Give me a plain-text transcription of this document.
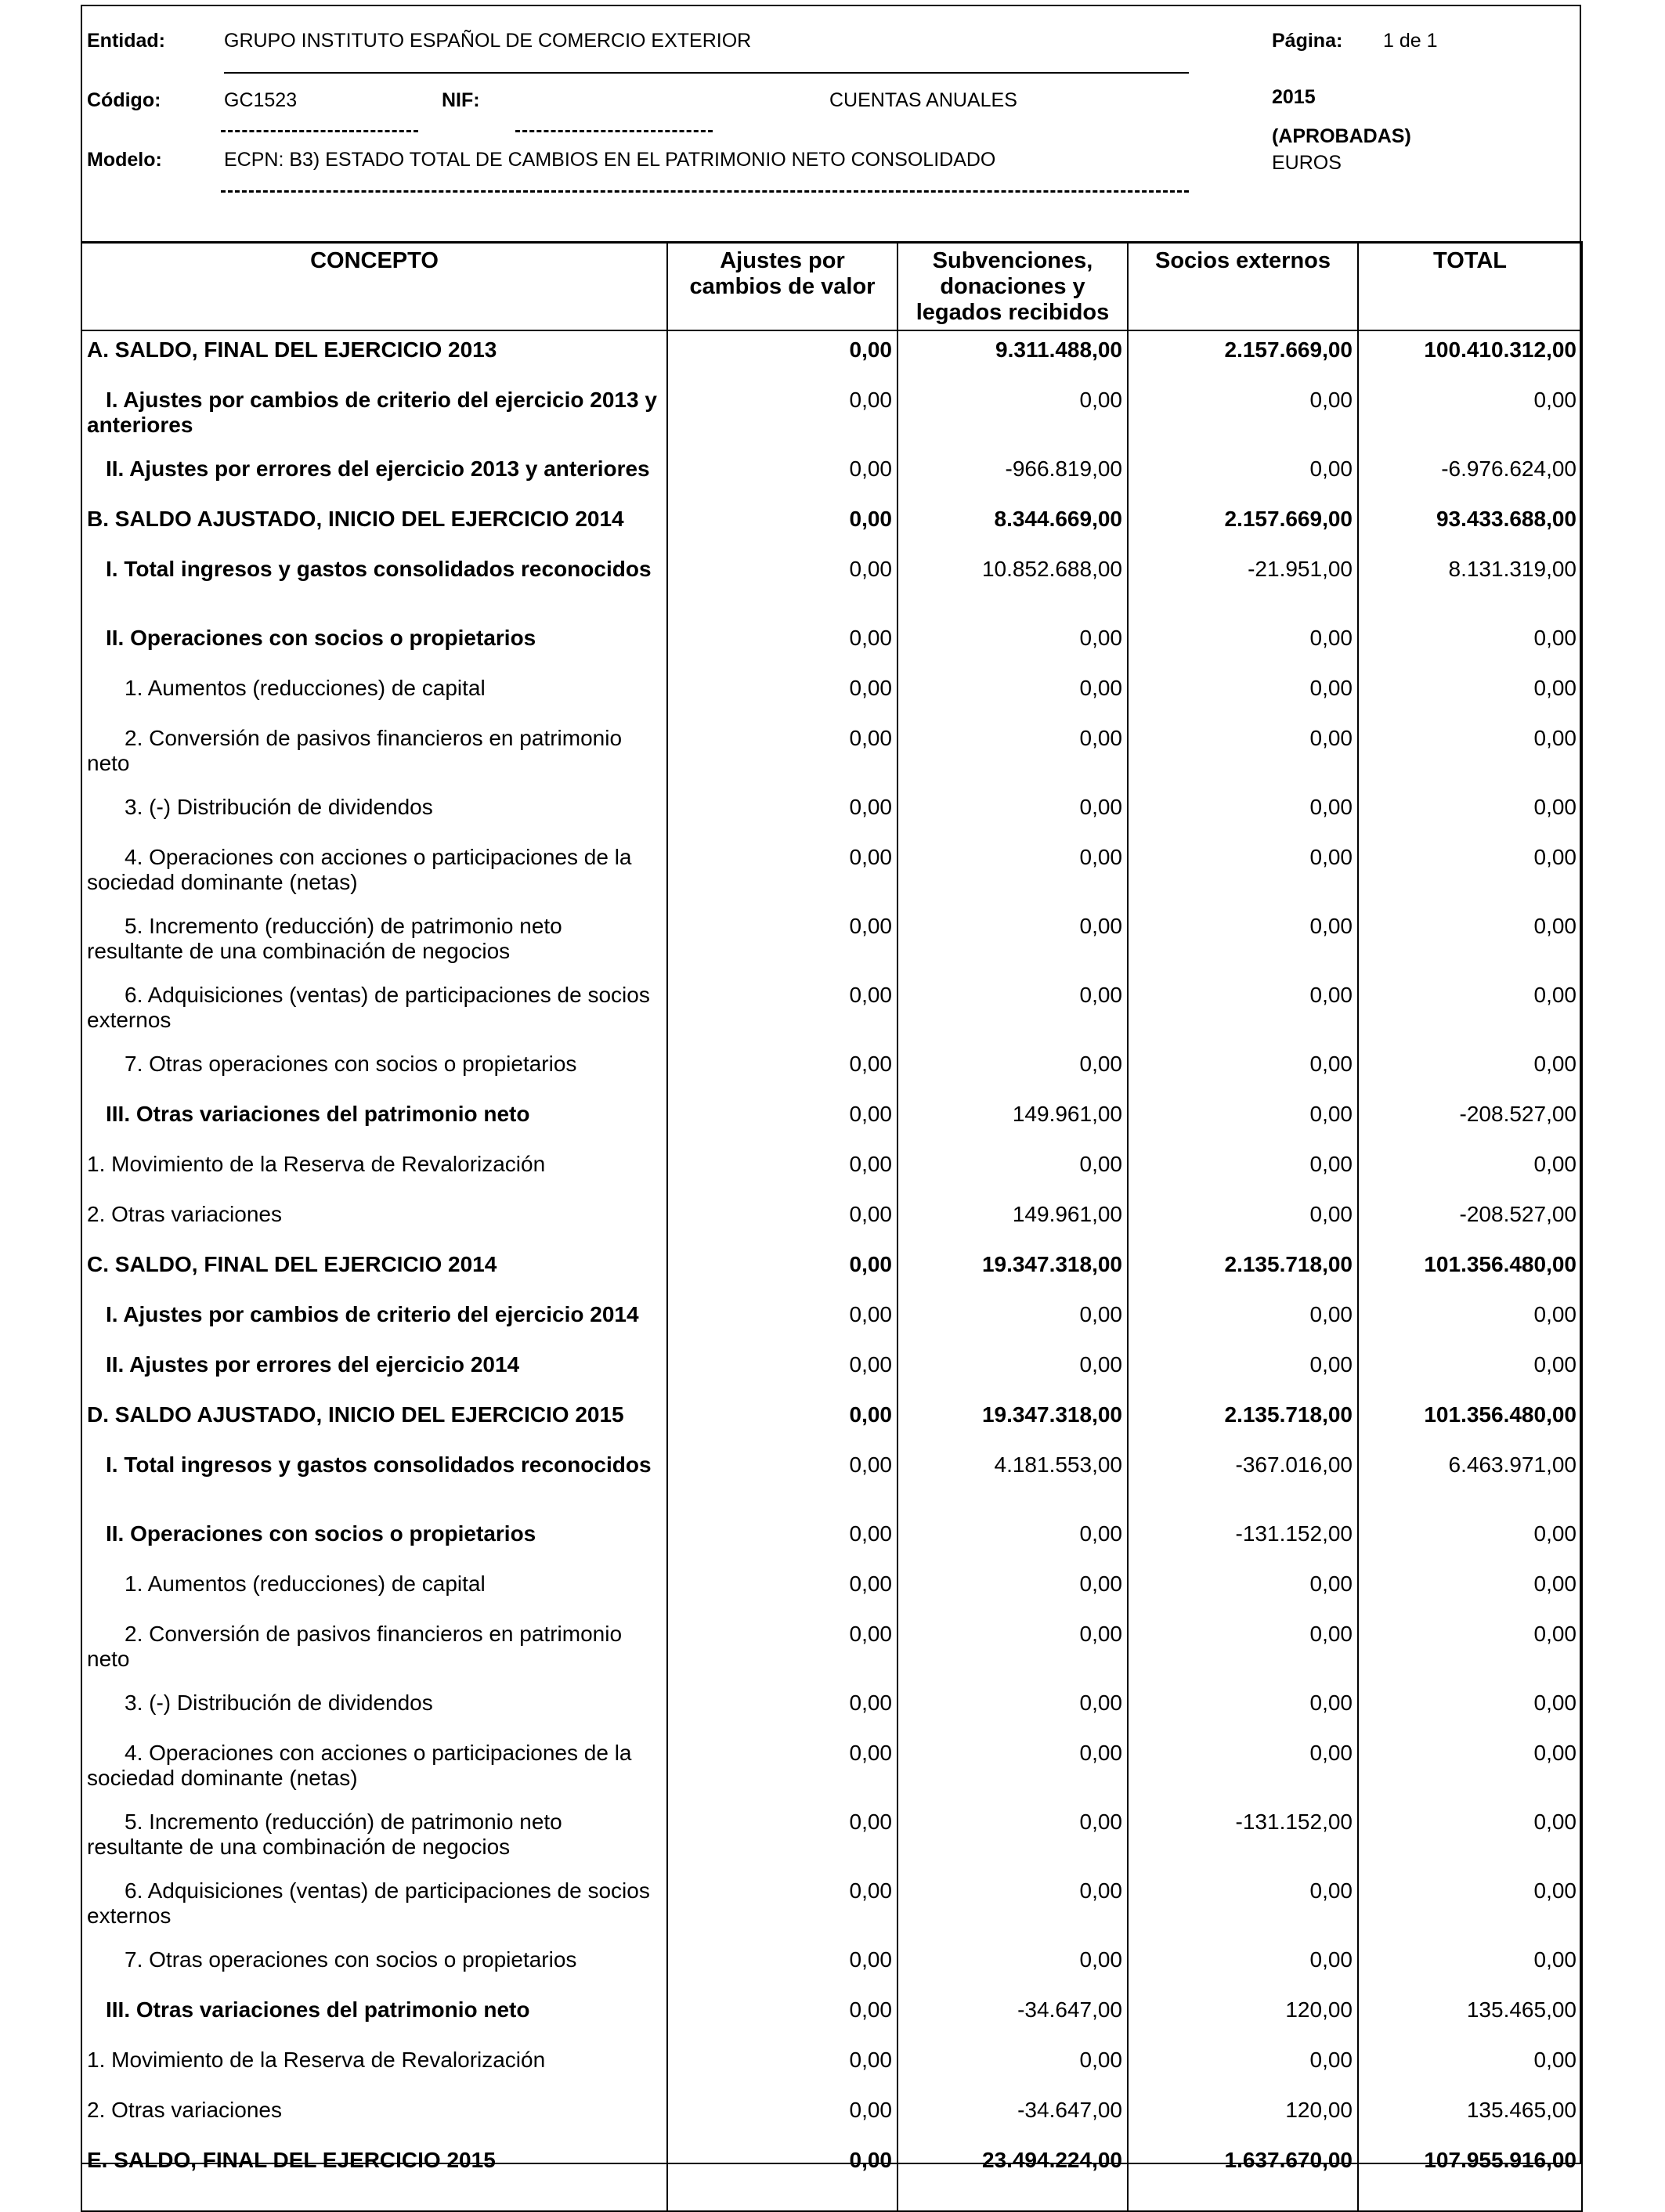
Entidad:	GRUPO INSTITUTO ESPAÑOL DE COMERCIO EXTERIOR	Página: 1 de 1
Código:	GC1523	NIF:	CUENTAS ANUALES	2015
(APROBADAS)
Modelo:	ECPN: B3) ESTADO TOTAL DE CAMBIOS EN EL PATRIMONIO NETO CONSOLIDADO	EUROS
CONCEPTO	Ajustes por cambios de valor	Subvenciones, donaciones y legados recibidos	Socios externos	TOTAL
A. SALDO, FINAL DEL EJERCICIO 2013	0,00	9.311.488,00	2.157.669,00	100.410.312,00
I. Ajustes por cambios de criterio del ejercicio 2013 y anteriores	0,00	0,00	0,00	0,00
II. Ajustes por errores del ejercicio 2013 y anteriores	0,00	-966.819,00	0,00	-6.976.624,00
B. SALDO AJUSTADO, INICIO DEL EJERCICIO 2014	0,00	8.344.669,00	2.157.669,00	93.433.688,00
I. Total ingresos y gastos consolidados reconocidos	0,00	10.852.688,00	-21.951,00	8.131.319,00
II. Operaciones con socios o propietarios	0,00	0,00	0,00	0,00
1. Aumentos (reducciones) de capital	0,00	0,00	0,00	0,00
2. Conversión de pasivos financieros en patrimonio neto	0,00	0,00	0,00	0,00
3. (-) Distribución de dividendos	0,00	0,00	0,00	0,00
4. Operaciones con acciones o participaciones de la sociedad dominante (netas)	0,00	0,00	0,00	0,00
5. Incremento (reducción) de patrimonio neto resultante de una combinación de negocios	0,00	0,00	0,00	0,00
6. Adquisiciones (ventas) de participaciones de socios externos	0,00	0,00	0,00	0,00
7. Otras operaciones con socios o propietarios	0,00	0,00	0,00	0,00
III. Otras variaciones del patrimonio neto	0,00	149.961,00	0,00	-208.527,00
1. Movimiento de la Reserva de Revalorización	0,00	0,00	0,00	0,00
2. Otras variaciones	0,00	149.961,00	0,00	-208.527,00
C. SALDO, FINAL DEL EJERCICIO 2014	0,00	19.347.318,00	2.135.718,00	101.356.480,00
I. Ajustes por cambios de criterio del ejercicio 2014	0,00	0,00	0,00	0,00
II. Ajustes por errores del ejercicio 2014	0,00	0,00	0,00	0,00
D. SALDO AJUSTADO, INICIO DEL EJERCICIO 2015	0,00	19.347.318,00	2.135.718,00	101.356.480,00
I. Total ingresos y gastos consolidados reconocidos	0,00	4.181.553,00	-367.016,00	6.463.971,00
II. Operaciones con socios o propietarios	0,00	0,00	-131.152,00	0,00
1. Aumentos (reducciones) de capital	0,00	0,00	0,00	0,00
2. Conversión de pasivos financieros en patrimonio neto	0,00	0,00	0,00	0,00
3. (-) Distribución de dividendos	0,00	0,00	0,00	0,00
4. Operaciones con acciones o participaciones de la sociedad dominante (netas)	0,00	0,00	0,00	0,00
5. Incremento (reducción) de patrimonio neto resultante de una combinación de negocios	0,00	0,00	-131.152,00	0,00
6. Adquisiciones (ventas) de participaciones de socios externos	0,00	0,00	0,00	0,00
7. Otras operaciones con socios o propietarios	0,00	0,00	0,00	0,00
III. Otras variaciones del patrimonio neto	0,00	-34.647,00	120,00	135.465,00
1. Movimiento de la Reserva de Revalorización	0,00	0,00	0,00	0,00
2. Otras variaciones	0,00	-34.647,00	120,00	135.465,00
E. SALDO, FINAL DEL EJERCICIO 2015	0,00	23.494.224,00	1.637.670,00	107.955.916,00
